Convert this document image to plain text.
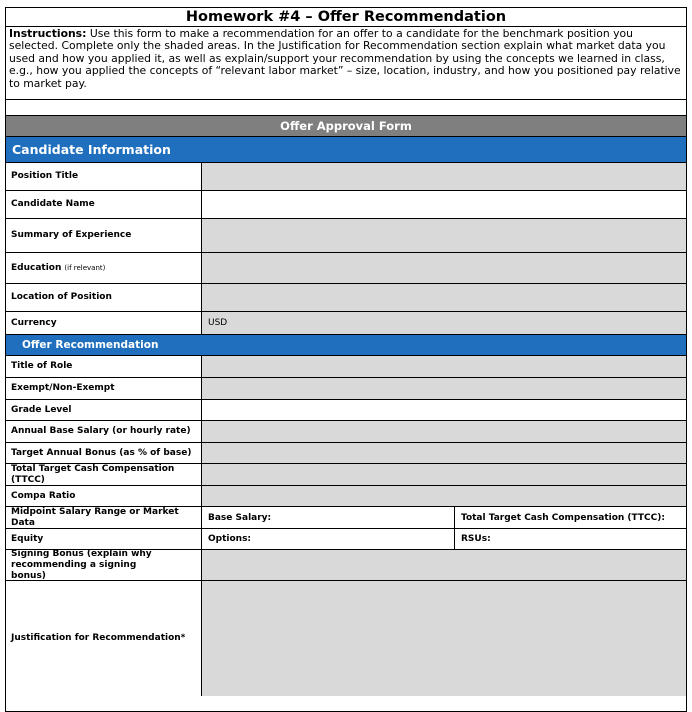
Homework #4 – Offer Recommendation
Instructions: Use this form to make a recommendation for an offer to a candidate for the benchmark position you selected. Complete only the shaded areas. In the Justification for Recommendation section explain what market data you used and how you applied it, as well as explain/support your recommendation by using the concepts we learned in class, e.g., how you applied the concepts of “relevant labor market” – size, location, industry, and how you positioned pay relative to market pay.
Offer Approval Form
Candidate Information
Position Title
Candidate Name
Summary of Experience
Education (if relevant)
Location of Position
Currency	USD
Offer Recommendation
Title of Role
Exempt/Non-Exempt
Grade Level
Annual Base Salary (or hourly rate)
Target Annual Bonus (as % of base)
Total Target Cash Compensation (TTCC)
Compa Ratio
Midpoint Salary Range or Market Data	Base Salary:	Total Target Cash Compensation (TTCC):
Equity	Options:	RSUs:
Signing Bonus (explain why recommending a signing bonus)
Justification for Recommendation*
